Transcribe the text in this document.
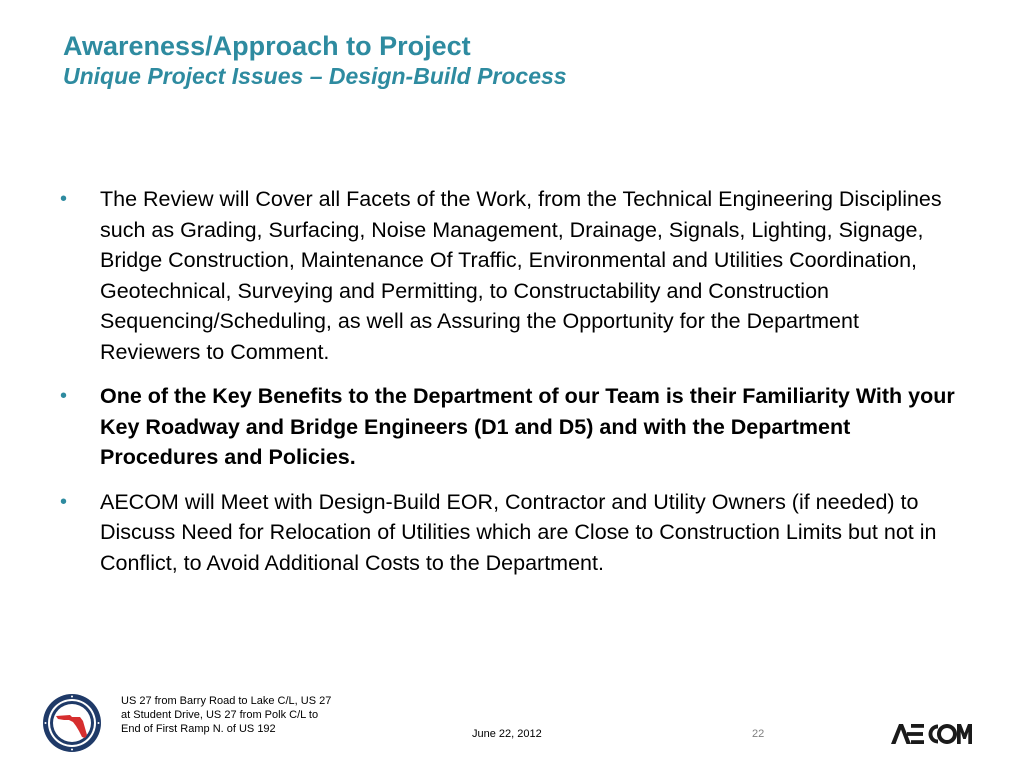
Awareness/Approach to Project
Unique Project Issues – Design-Build Process
• The Review will Cover all Facets of the Work, from the Technical Engineering Disciplines such as Grading, Surfacing, Noise Management, Drainage, Signals, Lighting, Signage, Bridge Construction, Maintenance Of Traffic, Environmental and Utilities Coordination, Geotechnical, Surveying and Permitting, to Constructability and Construction Sequencing/Scheduling, as well as Assuring the Opportunity for the Department Reviewers to Comment.
• One of the Key Benefits to the Department of our Team is their Familiarity With your Key Roadway and Bridge Engineers (D1 and D5) and with the Department Procedures and Policies.
• AECOM will Meet with Design-Build EOR, Contractor and Utility Owners (if needed) to Discuss Need for Relocation of Utilities which are Close to Construction Limits but not in Conflict, to Avoid Additional Costs to the Department.
US 27 from Barry Road to Lake C/L, US 27 at Student Drive, US 27 from Polk C/L to End of First Ramp N. of US 192	June 22, 2012	22
